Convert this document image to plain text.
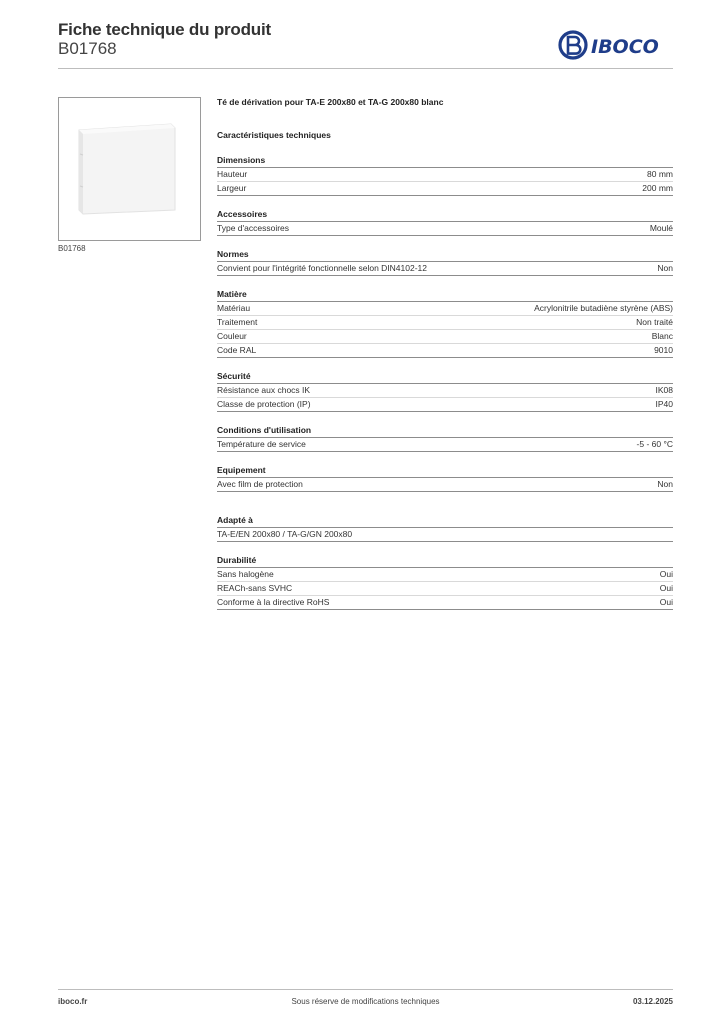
Fiche technique du produit
B01768	IBOCO
B01768
Té de dérivation pour TA-E 200x80 et TA-G 200x80 blanc
Caractéristiques techniques
Dimensions
Hauteur	80 mm
Largeur	200 mm
Accessoires
Type d'accessoires	Moulé
Normes
Convient pour l'intégrité fonctionnelle selon DIN4102-12	Non
Matière
Matériau	Acrylonitrile butadiène styrène (ABS)
Traitement	Non traité
Couleur	Blanc
Code RAL	9010
Sécurité
Résistance aux chocs IK	IK08
Classe de protection (IP)	IP40
Conditions d'utilisation
Température de service	-5 - 60 °C
Equipement
Avec film de protection	Non
Adapté à
TA-E/EN 200x80 / TA-G/GN 200x80
Durabilité
Sans halogène	Oui
REACh-sans SVHC	Oui
Conforme à la directive RoHS	Oui
iboco.fr	Sous réserve de modifications techniques	03.12.2025
